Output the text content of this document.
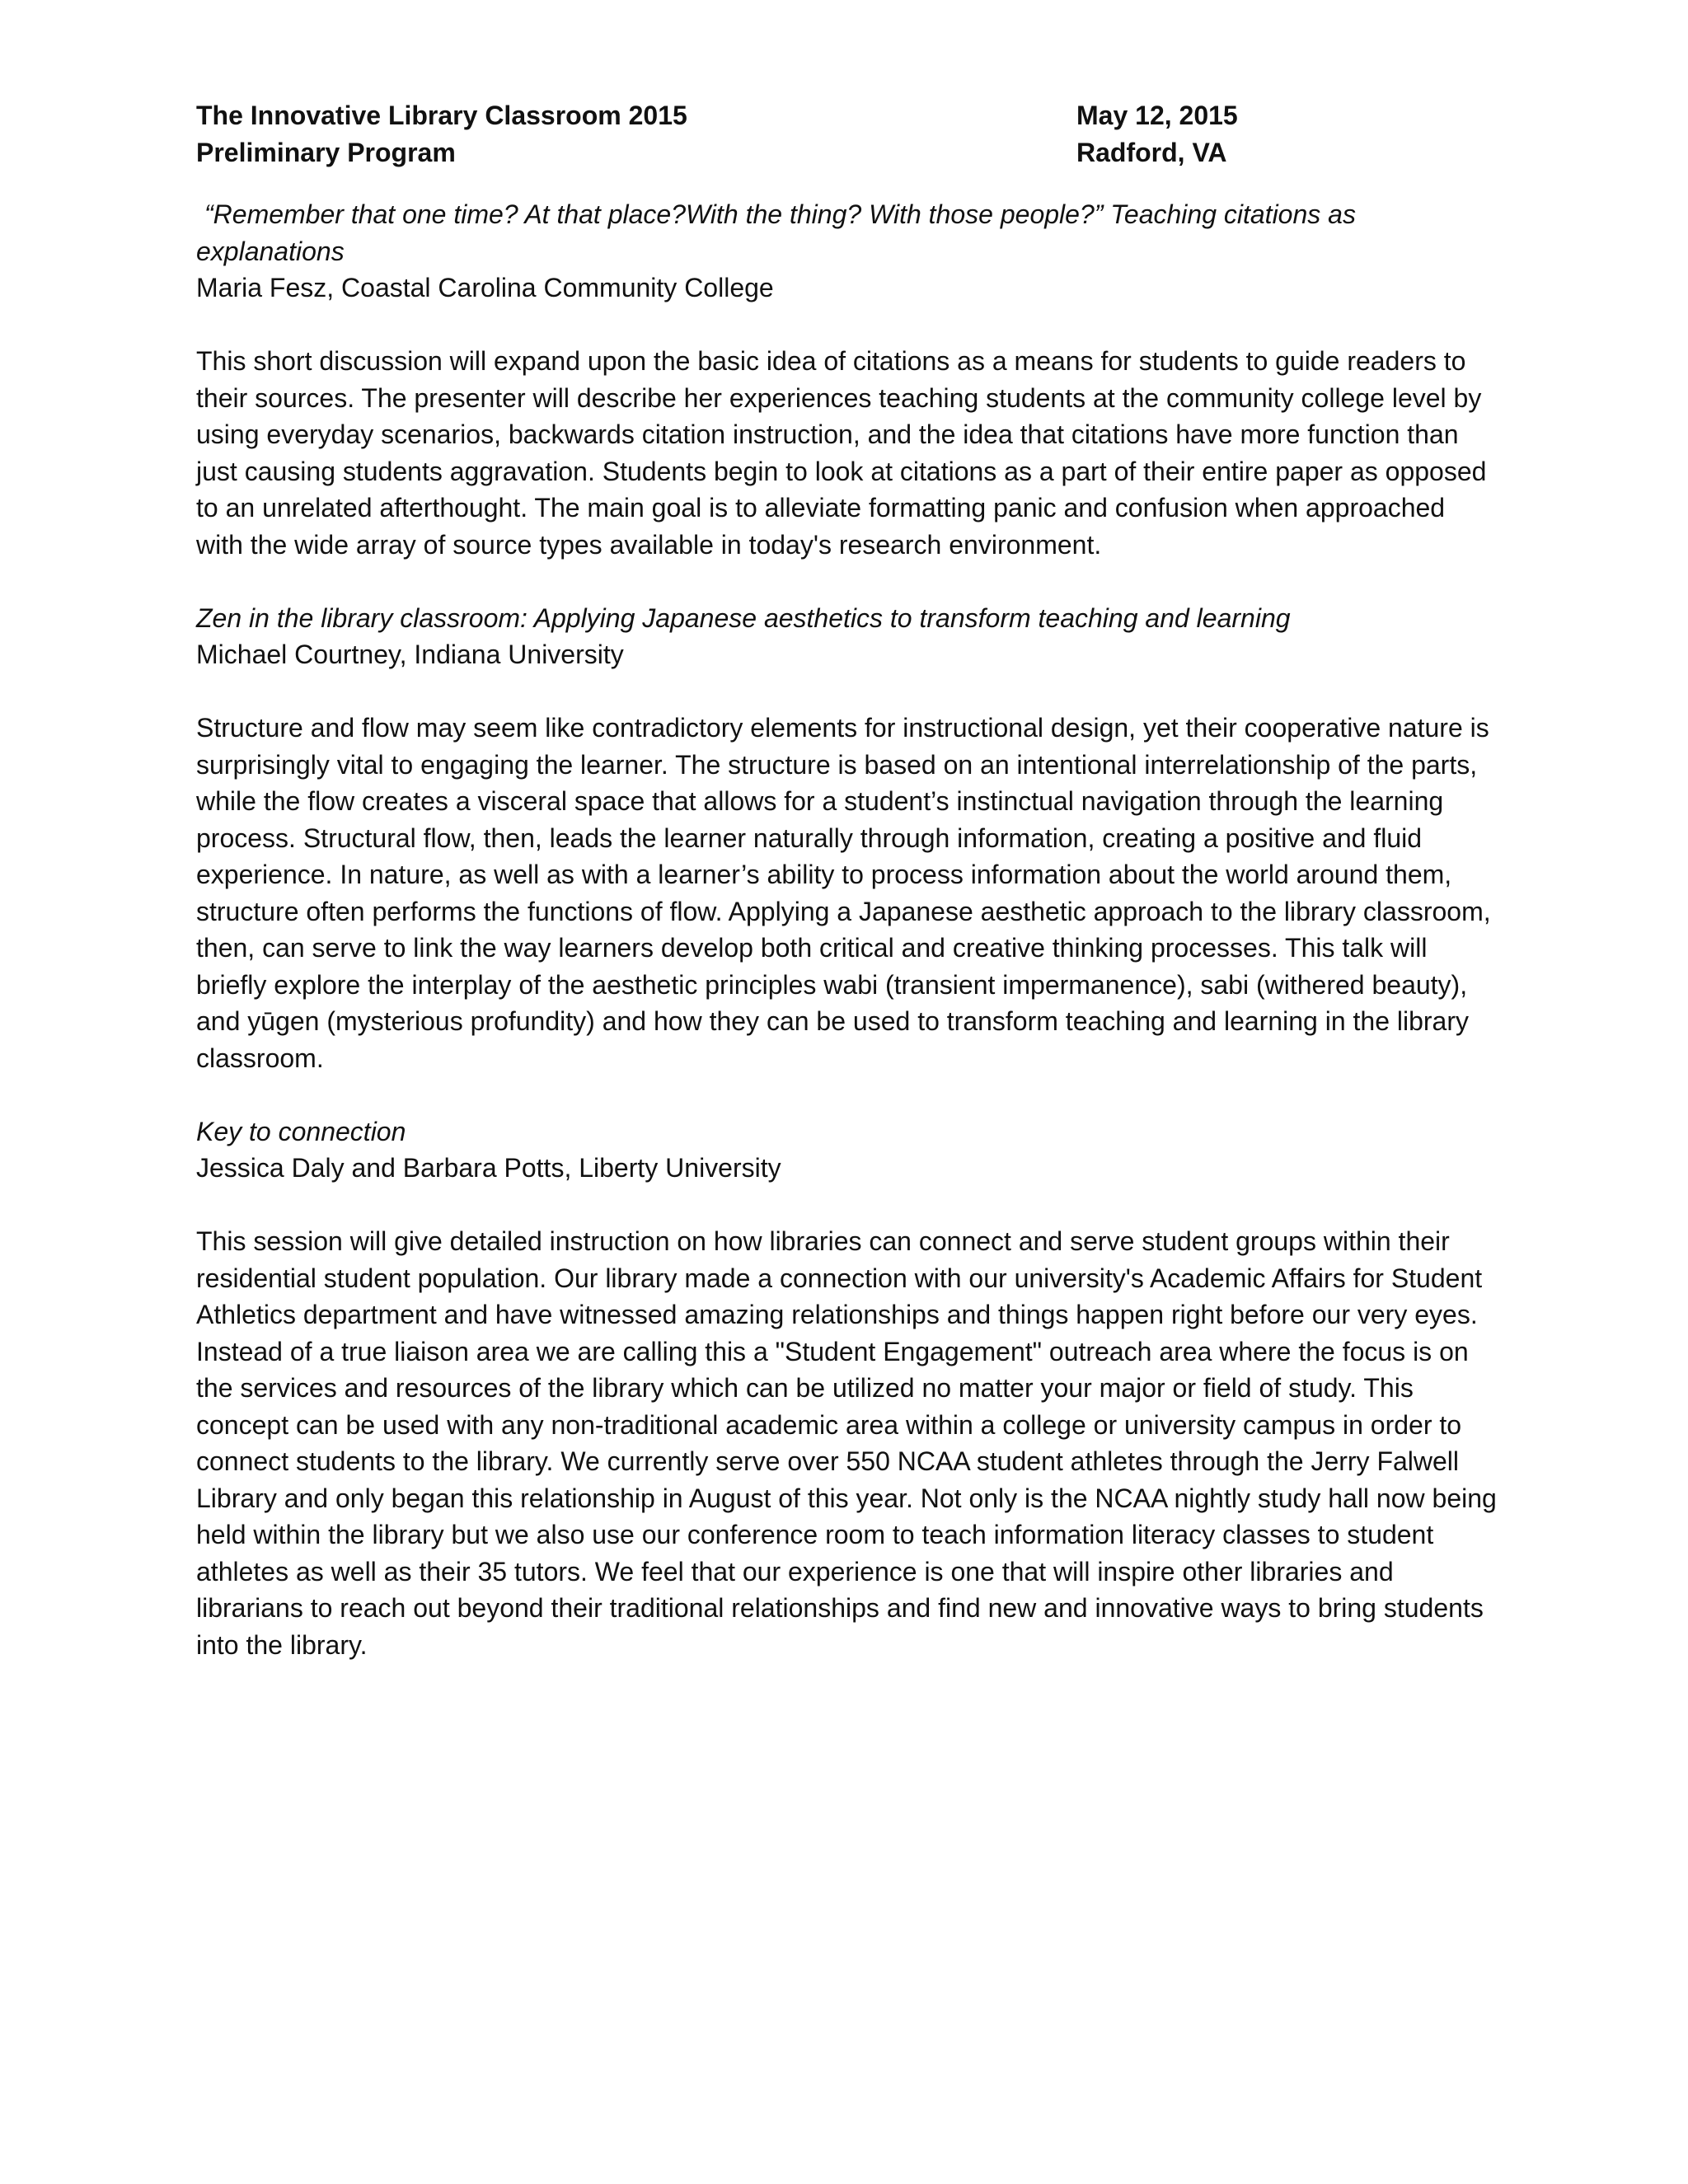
The Innovative Library Classroom 2015
Preliminary Program
May 12, 2015
Radford, VA
“Remember that one time? At that place?With the thing? With those people?” Teaching citations as explanations
Maria Fesz, Coastal Carolina Community College
This short discussion will expand upon the basic idea of citations as a means for students to guide readers to their sources. The presenter will describe her experiences teaching students at the community college level by using everyday scenarios, backwards citation instruction, and the idea that citations have more function than just causing students aggravation. Students begin to look at citations as a part of their entire paper as opposed to an unrelated afterthought. The main goal is to alleviate formatting panic and confusion when approached with the wide array of source types available in today's research environment.
Zen in the library classroom: Applying Japanese aesthetics to transform teaching and learning
Michael Courtney, Indiana University
Structure and flow may seem like contradictory elements for instructional design, yet their cooperative nature is surprisingly vital to engaging the learner. The structure is based on an intentional interrelationship of the parts, while the flow creates a visceral space that allows for a student’s instinctual navigation through the learning process. Structural flow, then, leads the learner naturally through information, creating a positive and fluid experience. In nature, as well as with a learner’s ability to process information about the world around them, structure often performs the functions of flow. Applying a Japanese aesthetic approach to the library classroom, then, can serve to link the way learners develop both critical and creative thinking processes. This talk will briefly explore the interplay of the aesthetic principles wabi (transient impermanence), sabi (withered beauty), and yūgen (mysterious profundity) and how they can be used to transform teaching and learning in the library classroom.
Key to connection
Jessica Daly and Barbara Potts, Liberty University
This session will give detailed instruction on how libraries can connect and serve student groups within their residential student population. Our library made a connection with our university's Academic Affairs for Student Athletics department and have witnessed amazing relationships and things happen right before our very eyes. Instead of a true liaison area we are calling this a "Student Engagement" outreach area where the focus is on the services and resources of the library which can be utilized no matter your major or field of study. This concept can be used with any non-traditional academic area within a college or university campus in order to connect students to the library. We currently serve over 550 NCAA student athletes through the Jerry Falwell Library and only began this relationship in August of this year. Not only is the NCAA nightly study hall now being held within the library but we also use our conference room to teach information literacy classes to student athletes as well as their 35 tutors. We feel that our experience is one that will inspire other libraries and librarians to reach out beyond their traditional relationships and find new and innovative ways to bring students into the library.
